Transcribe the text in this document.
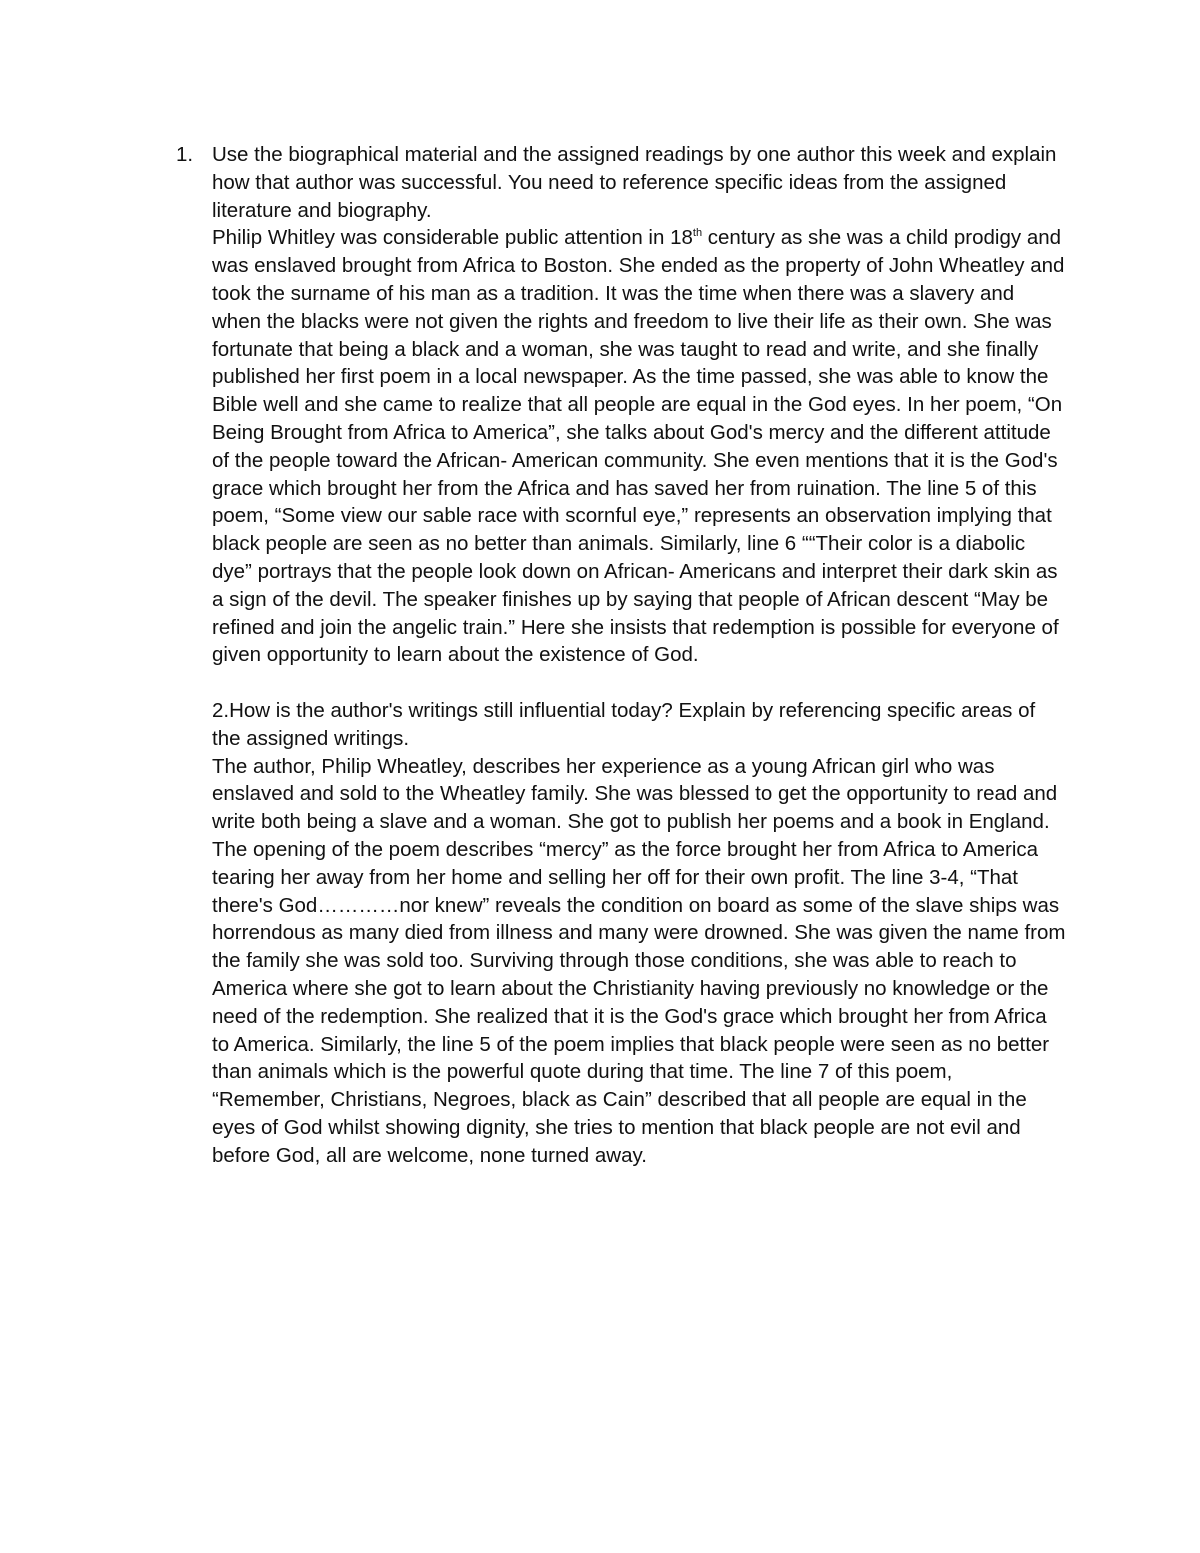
1. Use the biographical material and the assigned readings by one author this week and explain how that author was successful. You need to reference specific ideas from the assigned literature and biography.

Philip Whitley was considerable public attention in 18th century as she was a child prodigy and was enslaved brought from Africa to Boston. She ended as the property of John Wheatley and took the surname of his man as a tradition. It was the time when there was a slavery and when the blacks were not given the rights and freedom to live their life as their own. She was fortunate that being a black and a woman, she was taught to read and write, and she finally published her first poem in a local newspaper. As the time passed, she was able to know the Bible well and she came to realize that all people are equal in the God eyes. In her poem, “On Being Brought from Africa to America”, she talks about God's mercy and the different attitude of the people toward the African- American community. She even mentions that it is the God's grace which brought her from the Africa and has saved her from ruination. The line 5 of this poem, “Some view our sable race with scornful eye,” represents an observation implying that black people are seen as no better than animals. Similarly, line 6 ““Their color is a diabolic dye” portrays that the people look down on African- Americans and interpret their dark skin as a sign of the devil. The speaker finishes up by saying that people of African descent “May be refined and join the angelic train.” Here she insists that redemption is possible for everyone of given opportunity to learn about the existence of God.

2.How is the author's writings still influential today? Explain by referencing specific areas of the assigned writings.

The author, Philip Wheatley, describes her experience as a young African girl who was enslaved and sold to the Wheatley family. She was blessed to get the opportunity to read and write both being a slave and a woman. She got to publish her poems and a book in England. The opening of the poem describes “mercy” as the force brought her from Africa to America tearing her away from her home and selling her off for their own profit. The line 3-4, “That there's God…………nor knew” reveals the condition on board as some of the slave ships was horrendous as many died from illness and many were drowned. She was given the name from the family she was sold too. Surviving through those conditions, she was able to reach to America where she got to learn about the Christianity having previously no knowledge or the need of the redemption. She realized that it is the God's grace which brought her from Africa to America. Similarly, the line 5 of the poem implies that black people were seen as no better than animals which is the powerful quote during that time. The line 7 of this poem, “Remember, Christians, Negroes, black as Cain” described that all people are equal in the eyes of God whilst showing dignity, she tries to mention that black people are not evil and before God, all are welcome, none turned away.
